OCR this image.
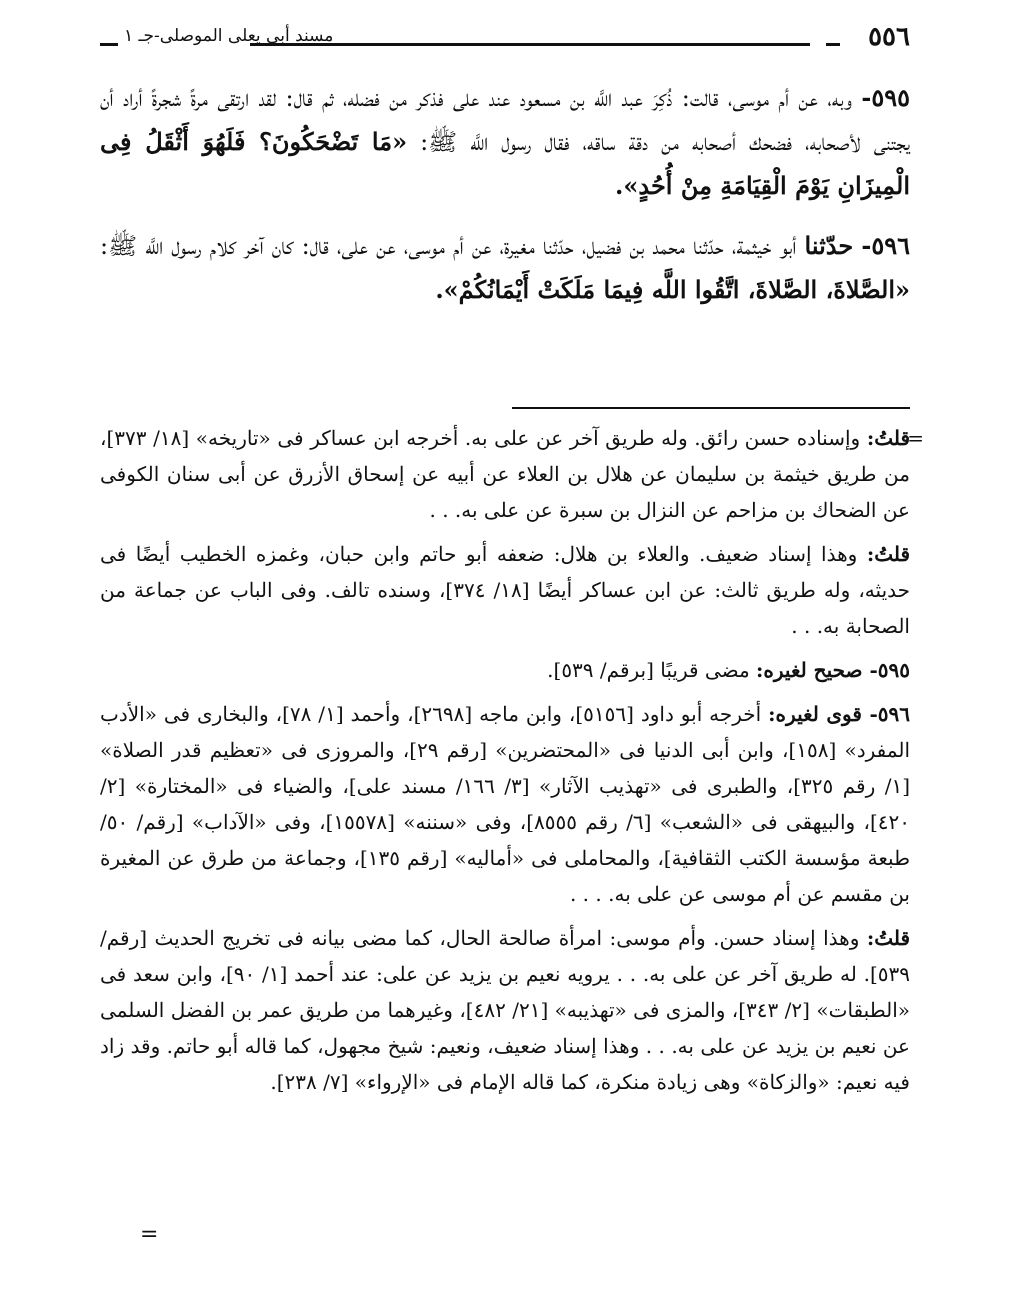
٥٥٦
مسند أبى يعلى الموصلى-جـ ١

٥٩٥- وبه، عن أم موسى، قالت: ذُكِرَ عبد اللَّه بن مسعود عند على فذكر من فضله، ثم قال: لقد ارتقى مرةً شجرةً أراد أن يجتنى لأصحابه، فضحك أصحابه من دقة ساقه، فقال رسول اللَّه ﷺ: «مَا تَضْحَكُونَ؟ فَلَهُوَ أَثْقَلُ فِى الْمِيزَانِ يَوْمَ الْقِيَامَةِ مِنْ أُحُدٍ».

٥٩٦- حدّثنا أبو خيثمة، حدّثنا محمد بن فضيل، حدّثنا مغيرة، عن أم موسى، عن على، قال: كان آخر كلام رسول اللَّه ﷺ: «الصَّلاةَ، الصَّلاةَ، اتَّقُوا اللَّه فِيمَا مَلَكَتْ أَيْمَانُكُمْ».

=
قلتُ: وإسناده حسن رائق. وله طريق آخر عن على به. أخرجه ابن عساكر فى «تاريخه» [١٨/ ٣٧٣]، من طريق خيثمة بن سليمان عن هلال بن العلاء عن أبيه عن إسحاق الأزرق عن أبى سنان الكوفى عن الضحاك بن مزاحم عن النزال بن سبرة عن على به. . .

قلتُ: وهذا إسناد ضعيف. والعلاء بن هلال: ضعفه أبو حاتم وابن حبان، وغمزه الخطيب أيضًا فى حديثه، وله طريق ثالث: عن ابن عساكر أيضًا [١٨/ ٣٧٤]، وسنده تالف. وفى الباب عن جماعة من الصحابة به. . .

٥٩٥- صحيح لغيره: مضى قريبًا [برقم/ ٥٣٩].

٥٩٦- قوى لغيره: أخرجه أبو داود [٥١٥٦]، وابن ماجه [٢٦٩٨]، وأحمد [١/ ٧٨]، والبخارى فى «الأدب المفرد» [١٥٨]، وابن أبى الدنيا فى «المحتضرين» [رقم ٢٩]، والمروزى فى «تعظيم قدر الصلاة» [١/ رقم ٣٢٥]، والطبرى فى «تهذيب الآثار» [٣/ ١٦٦/ مسند على]، والضياء فى «المختارة» [٢/ ٤٢٠]، والبيهقى فى «الشعب» [٦/ رقم ٨٥٥٥]، وفى «سننه» [١٥٥٧٨]، وفى «الآداب» [رقم/ ٥٠/ طبعة مؤسسة الكتب الثقافية]، والمحاملى فى «أماليه» [رقم ١٣٥]، وجماعة من طرق عن المغيرة بن مقسم عن أم موسى عن على به. . . .

قلتُ: وهذا إسناد حسن. وأم موسى: امرأة صالحة الحال، كما مضى بيانه فى تخريج الحديث [رقم/ ٥٣٩]. له طريق آخر عن على به. . . يرويه نعيم بن يزيد عن على: عند أحمد [١/ ٩٠]، وابن سعد فى «الطبقات» [٢/ ٣٤٣]، والمزى فى «تهذيبه» [٢١/ ٤٨٢]، وغيرهما من طريق عمر بن الفضل السلمى عن نعيم بن يزيد عن على به. . . وهذا إسناد ضعيف، ونعيم: شيخ مجهول، كما قاله أبو حاتم. وقد زاد فيه نعيم: «والزكاة» وهى زيادة منكرة، كما قاله الإمام فى «الإرواء» [٧/ ٢٣٨].

=
